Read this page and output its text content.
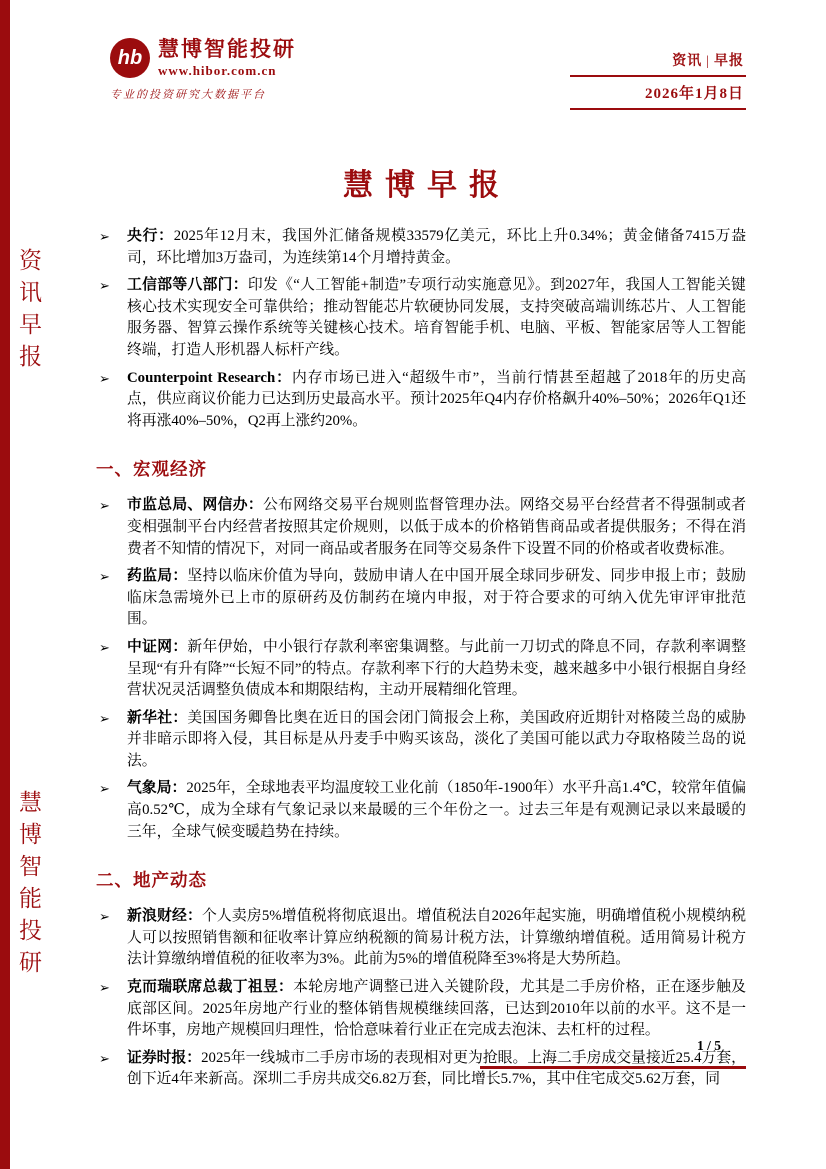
资讯早报
慧博智能投研
hb 慧博智能投研
www.hibor.com.cn
专业的投资研究大数据平台
资讯 | 早报
2026年1月8日
慧博早报
➢ 央行：2025年12月末，我国外汇储备规模33579亿美元，环比上升0.34%；黄金储备7415万盎司，环比增加3万盎司，为连续第14个月增持黄金。
➢ 工信部等八部门：印发《“人工智能+制造”专项行动实施意见》。到2027年，我国人工智能关键核心技术实现安全可靠供给；推动智能芯片软硬协同发展，支持突破高端训练芯片、人工智能服务器、智算云操作系统等关键核心技术。培育智能手机、电脑、平板、智能家居等人工智能终端，打造人形机器人标杆产线。
➢ Counterpoint Research：内存市场已进入“超级牛市”，当前行情甚至超越了2018年的历史高点，供应商议价能力已达到历史最高水平。预计2025年Q4内存价格飙升40%–50%；2026年Q1还将再涨40%–50%，Q2再上涨约20%。
一、宏观经济
➢ 市监总局、网信办：公布网络交易平台规则监督管理办法。网络交易平台经营者不得强制或者变相强制平台内经营者按照其定价规则，以低于成本的价格销售商品或者提供服务；不得在消费者不知情的情况下，对同一商品或者服务在同等交易条件下设置不同的价格或者收费标准。
➢ 药监局：坚持以临床价值为导向，鼓励申请人在中国开展全球同步研发、同步申报上市；鼓励临床急需境外已上市的原研药及仿制药在境内申报，对于符合要求的可纳入优先审评审批范围。
➢ 中证网：新年伊始，中小银行存款利率密集调整。与此前一刀切式的降息不同，存款利率调整呈现“有升有降”“长短不同”的特点。存款利率下行的大趋势未变，越来越多中小银行根据自身经营状况灵活调整负债成本和期限结构，主动开展精细化管理。
➢ 新华社：美国国务卿鲁比奥在近日的国会闭门简报会上称，美国政府近期针对格陵兰岛的威胁并非暗示即将入侵，其目标是从丹麦手中购买该岛，淡化了美国可能以武力夺取格陵兰岛的说法。
➢ 气象局：2025年，全球地表平均温度较工业化前（1850年-1900年）水平升高1.4℃，较常年值偏高0.52℃，成为全球有气象记录以来最暖的三个年份之一。过去三年是有观测记录以来最暖的三年，全球气候变暖趋势在持续。
二、地产动态
➢ 新浪财经：个人卖房5%增值税将彻底退出。增值税法自2026年起实施，明确增值税小规模纳税人可以按照销售额和征收率计算应纳税额的简易计税方法，计算缴纳增值税。适用简易计税方法计算缴纳增值税的征收率为3%。此前为5%的增值税降至3%将是大势所趋。
➢ 克而瑞联席总裁丁祖昱：本轮房地产调整已进入关键阶段，尤其是二手房价格，正在逐步触及底部区间。2025年房地产行业的整体销售规模继续回落，已达到2010年以前的水平。这不是一件坏事，房地产规模回归理性，恰恰意味着行业正在完成去泡沫、去杠杆的过程。
➢ 证券时报：2025年一线城市二手房市场的表现相对更为抢眼。上海二手房成交量接近25.4万套，创下近4年来新高。深圳二手房共成交6.82万套，同比增长5.7%，其中住宅成交5.62万套，同
1 / 5
